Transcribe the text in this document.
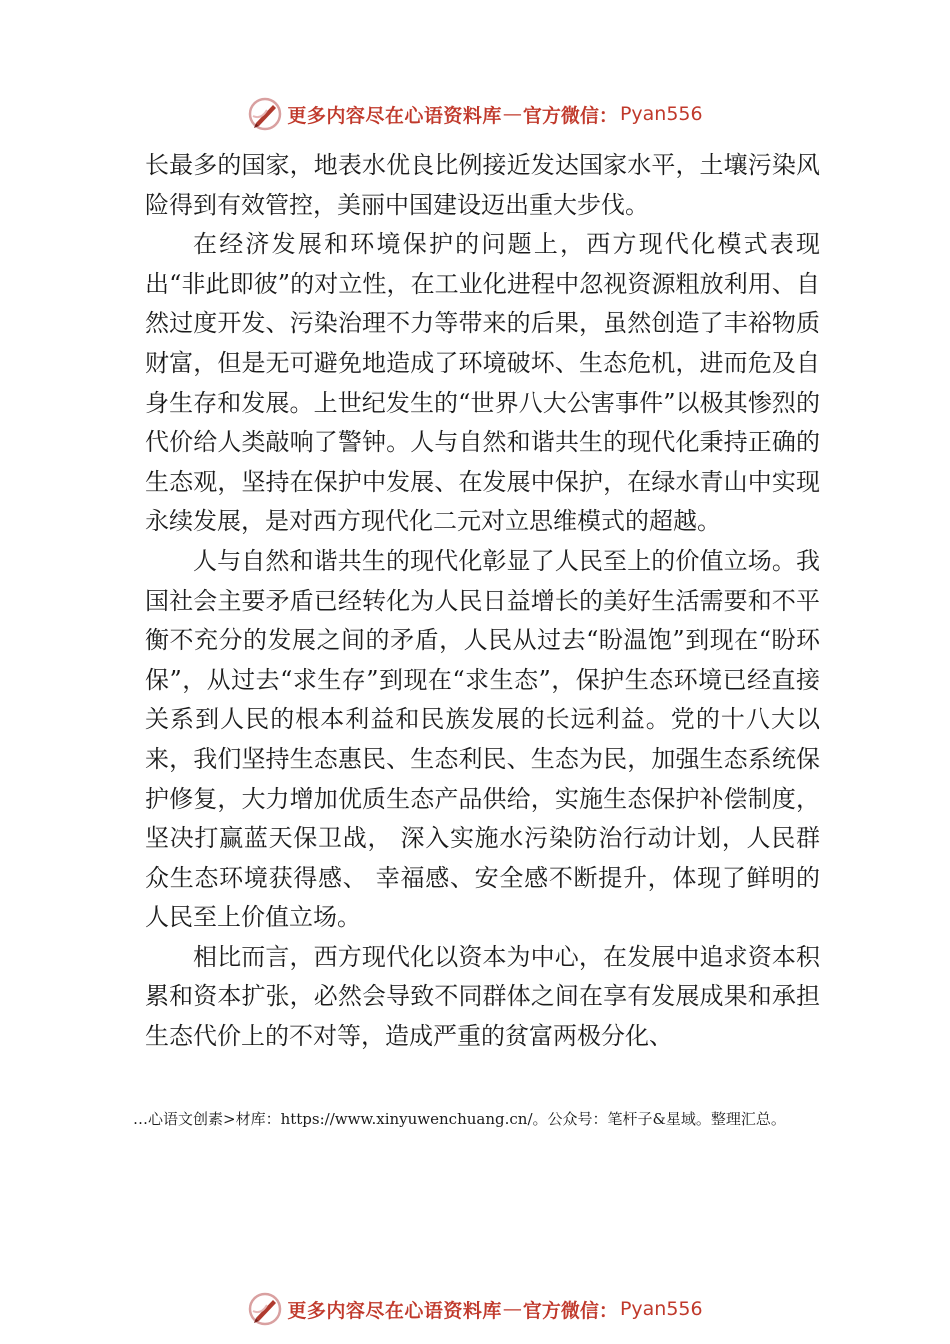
更多内容尽在心语资料库 — 官方微信： Pyan556

长最多的国家，地表水优良比例接近发达国家水平，土壤污染风险得到有效管控，美丽中国建设迈出重大步伐。

在经济发展和环境保护的问题上，西方现代化模式表现出“非此即彼”的对立性，在工业化进程中忽视资源粗放利用、自然过度开发、污染治理不力等带来的后果，虽然创造了丰裕物质财富，但是无可避免地造成了环境破坏、生态危机，进而危及自身生存和发展。上世纪发生的“世界八大公害事件”以极其惨烈的代价给人类敲响了警钟。人与自然和谐共生的现代化秉持正确的生态观，坚持在保护中发展、在发展中保护，在绿水青山中实现永续发展，是对西方现代化二元对立思维模式的超越。

人与自然和谐共生的现代化彰显了人民至上的价值立场。我国社会主要矛盾已经转化为人民日益增长的美好生活需要和不平衡不充分的发展之间的矛盾，人民从过去“盼温饱”到现在“盼环保”，从过去“求生存”到现在“求生态”，保护生态环境已经直接关系到人民的根本利益和民族发展的长远利益。党的十八大以来，我们坚持生态惠民、生态利民、生态为民，加强生态系统保护修复，大力增加优质生态产品供给，实施生态保护补偿制度，坚决打赢蓝天保卫战， 深入实施水污染防治行动计划，人民群众生态环境获得感、 幸福感、安全感不断提升，体现了鲜明的人民至上价值立场。

相比而言，西方现代化以资本为中心，在发展中追求资本积累和资本扩张，必然会导致不同群体之间在享有发展成果和承担生态代价上的不对等，造成严重的贫富两极分化、

…心语文创素>材库：https://www.xinyuwenchuang.cn/。公众号：笔杆子&星域。整理汇总。
更多内容尽在心语资料库 — 官方微信： Pyan556
